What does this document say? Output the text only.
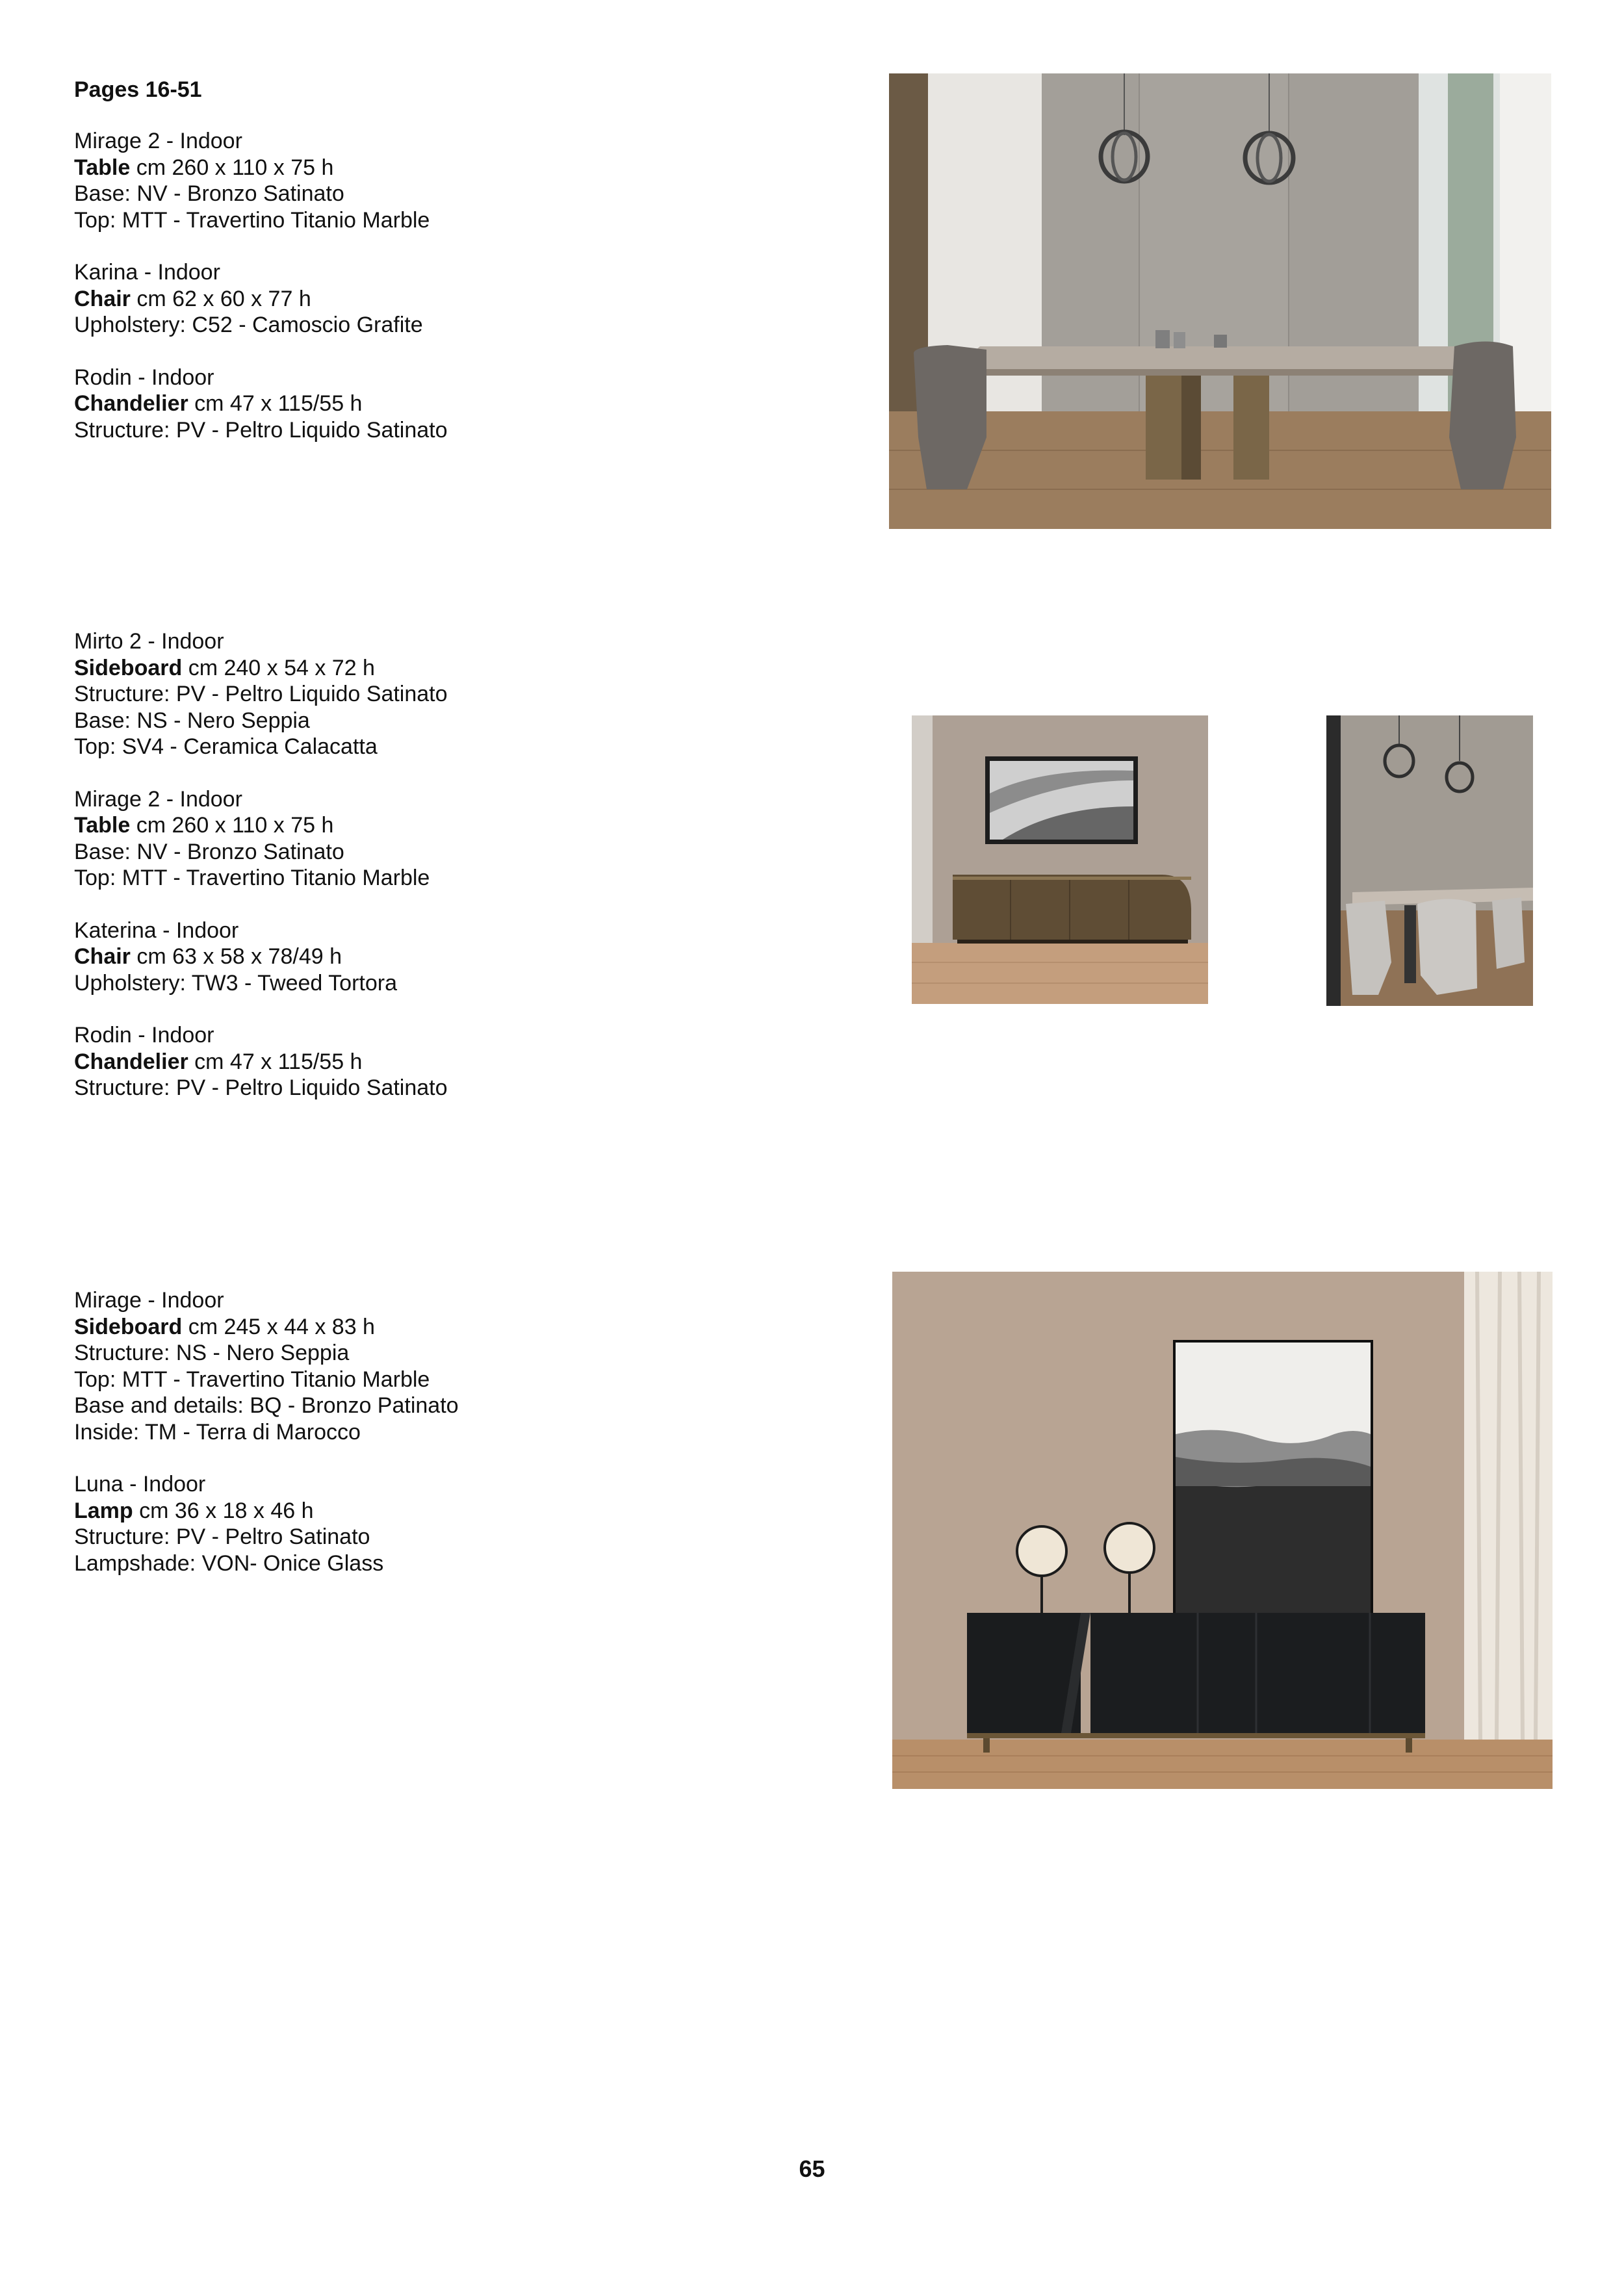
Pages 16-51

Mirage 2 - Indoor

Table cm 260 x 110 x 75 h

Base: NV - Bronzo Satinato

Top: MTT - Travertino Titanio Marble

Karina - Indoor

Chair cm 62 x 60 x 77 h

Upholstery: C52 - Camoscio Grafite

Rodin - Indoor

Chandelier cm 47 x 115/55 h

Structure: PV - Peltro Liquido Satinato

Mirto 2 - Indoor

Sideboard cm 240 x 54 x 72 h

Structure: PV - Peltro Liquido Satinato

Base: NS - Nero Seppia

Top: SV4 - Ceramica Calacatta

Mirage 2 - Indoor

Table cm 260 x 110 x 75 h

Base: NV - Bronzo Satinato

Top: MTT - Travertino Titanio Marble

Katerina - Indoor

Chair cm 63 x 58 x 78/49 h

Upholstery: TW3 - Tweed Tortora

Rodin - Indoor

Chandelier cm 47 x 115/55 h

Structure: PV - Peltro Liquido Satinato

Mirage - Indoor

Sideboard cm 245 x 44 x 83 h

Structure: NS - Nero Seppia

Top: MTT - Travertino Titanio Marble

Base and details: BQ - Bronzo Patinato

Inside: TM - Terra di Marocco

Luna - Indoor

Lamp cm 36 x 18 x 46 h

Structure: PV - Peltro Satinato

Lampshade: VON- Onice Glass

65
